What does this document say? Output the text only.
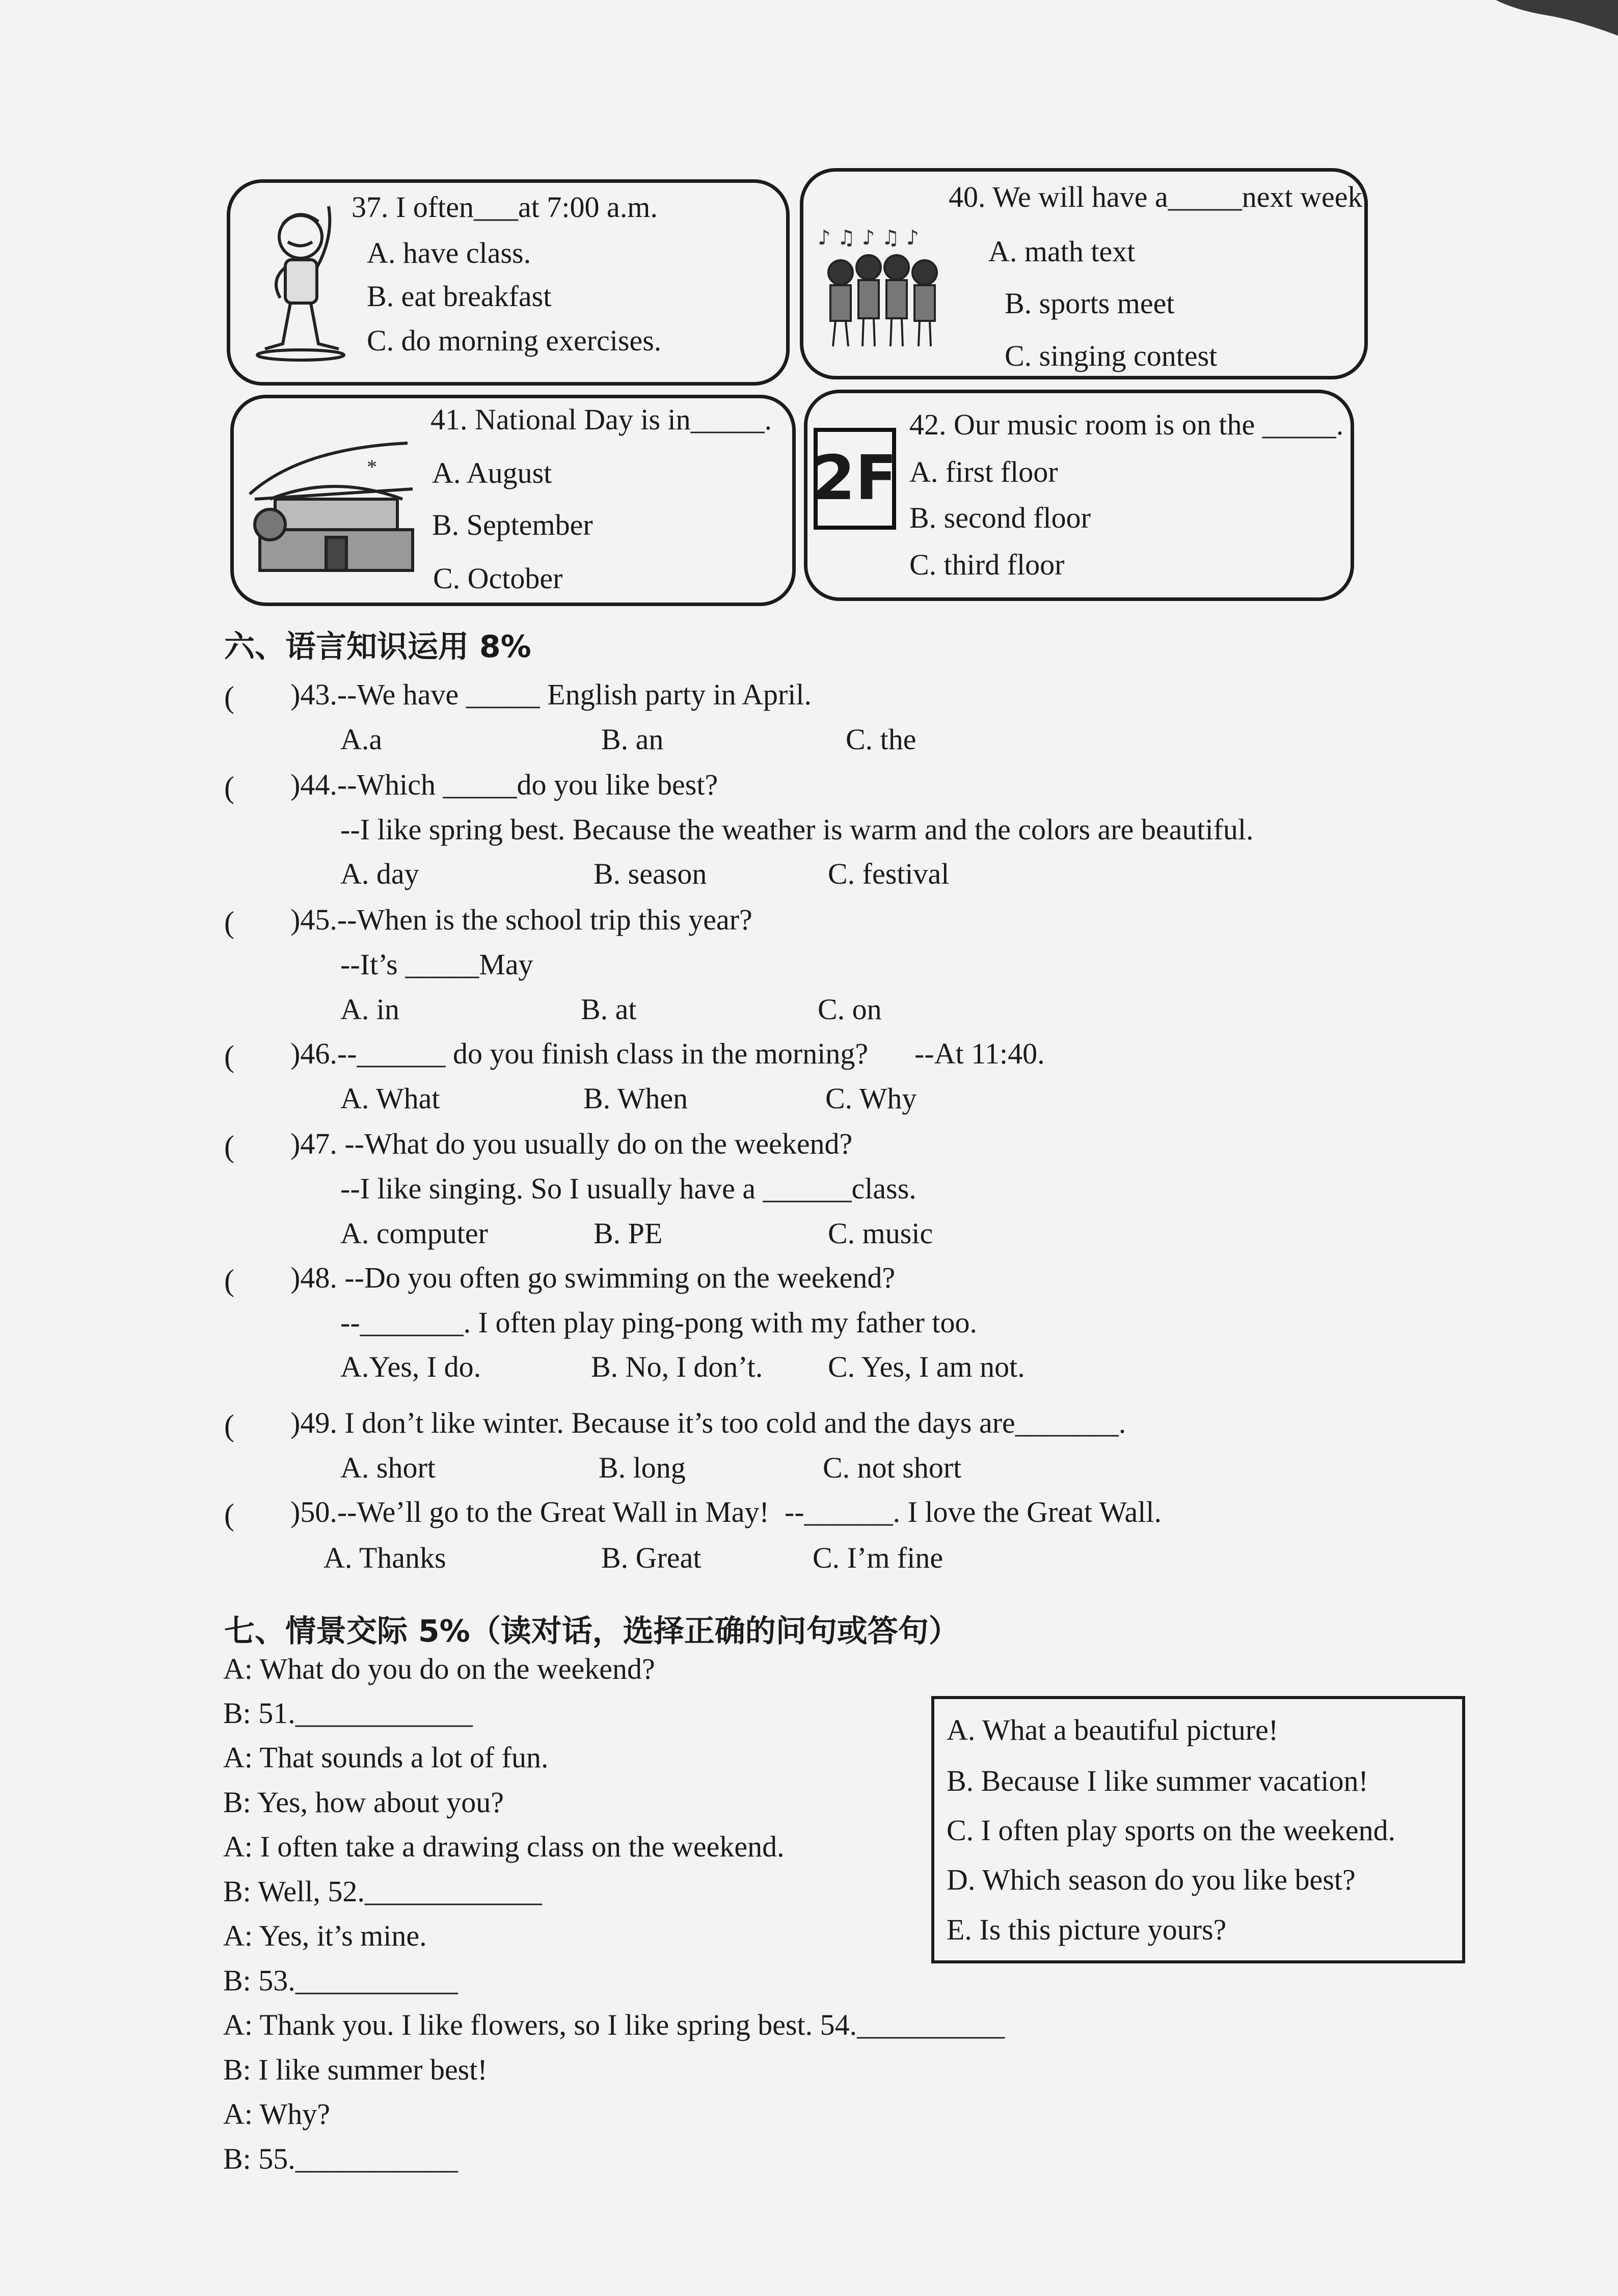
37. I often___at 7:00 a.m.
A. have class.
B. eat breakfast
C. do morning exercises.
♪ ♫ ♪ ♫ ♪
40. We will have a_____next week.
A. math text
B. sports meet
C. singing contest
*
41. National Day is in_____.
A. August
B. September
C. October
2F
42. Our music room is on the _____.
A. first floor
B. second floor
C. third floor
六、语言知识运用 8%
( )43.--We have _____ English party in April.
A.a	B. an	C. the
( )44.--Which _____do you like best?
--I like spring best. Because the weather is warm and the colors are beautiful.
A. day	B. season	C. festival
( )45.--When is the school trip this year?
--It’s _____May
A. in	B. at	C. on
( )46.--______ do you finish class in the morning? --At 11:40.
A. What	B. When	C. Why
( )47. --What do you usually do on the weekend?
--I like singing. So I usually have a ______class.
A. computer	B. PE	C. music
( )48. --Do you often go swimming on the weekend?
--_______. I often play ping-pong with my father too.
A.Yes, I do.	B. No, I don’t. C. Yes, I am not.
( )49. I don’t like winter. Because it’s too cold and the days are_______.
A. short	B. long	C. not short
( )50.--We’ll go to the Great Wall in May! --______. I love the Great Wall.
A. Thanks	B. Great	C. I’m fine
七、情景交际 5%（读对话，选择正确的问句或答句）
A: What do you do on the weekend?
B: 51.____________
A: That sounds a lot of fun.
B: Yes, how about you?
A: I often take a drawing class on the weekend.
B: Well, 52.____________
A: Yes, it’s mine.
B: 53.___________
A: Thank you. I like flowers, so I like spring best. 54.__________
B: I like summer best!
A: Why?
B: 55.___________
A. What a beautiful picture!
B. Because I like summer vacation!
C. I often play sports on the weekend.
D. Which season do you like best?
E. Is this picture yours?
